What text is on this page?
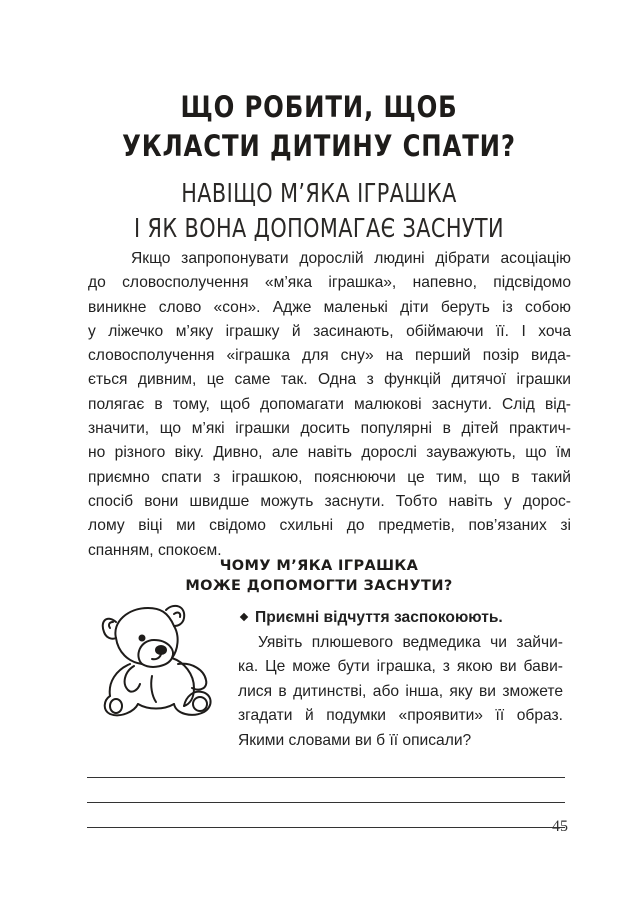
ЩО РОБИТИ, ЩОБ
УКЛАСТИ ДИТИНУ СПАТИ?
НАВІЩО М’ЯКА ІГРАШКА
І ЯК ВОНА ДОПОМАГАЄ ЗАСНУТИ
Якщо запропонувати дорослій людині дібрати асоціацію
до словосполучення «м’яка іграшка», напевно, підсвідомо
виникне слово «сон». Адже маленькі діти беруть із собою
у ліжечко м’яку іграшку й засинають, обіймаючи її. І хоча
словосполучення «іграшка для сну» на перший позір вида-
ється дивним, це саме так. Одна з функцій дитячої іграшки
полягає в тому, щоб допомагати малюкові заснути. Слід від-
значити, що м’які іграшки досить популярні в дітей практич-
но різного віку. Дивно, але навіть дорослі зауважують, що їм
приємно спати з іграшкою, пояснюючи це тим, що в такий
спосіб вони швидше можуть заснути. Тобто навіть у дорос-
лому віці ми свідомо схильні до предметів, пов’язаних зі
спанням, спокоєм.
ЧОМУ М’ЯКА ІГРАШКА
МОЖЕ ДОПОМОГТИ ЗАСНУТИ?
Приємні відчуття заспокоюють.
Уявіть плюшевого ведмедика чи зайчи-
ка. Це може бути іграшка, з якою ви бави-
лися в дитинстві, або інша, яку ви зможете
згадати й подумки «проявити» її образ.
Якими словами ви б її описали?
45
